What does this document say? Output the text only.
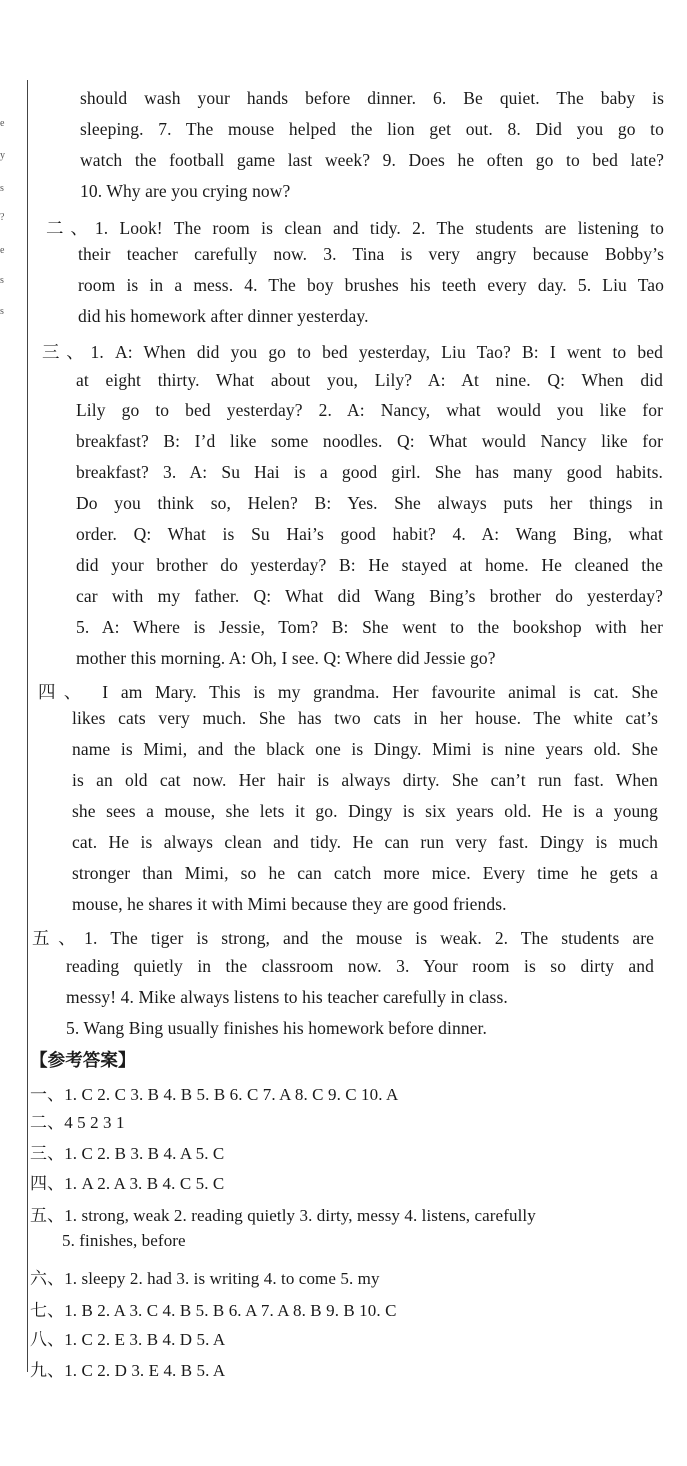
e
y
s
?
e
s
s
should wash your hands before dinner. 6. Be quiet. The baby is
sleeping. 7. The mouse helped the lion get out. 8. Did you go to
watch the football game last week? 9. Does he often go to bed late?
10. Why are you crying now?
二、1. Look! The room is clean and tidy. 2. The students are listening to
their teacher carefully now. 3. Tina is very angry because Bobby’s
room is in a mess. 4. The boy brushes his teeth every day. 5. Liu Tao
did his homework after dinner yesterday.
三、1. A: When did you go to bed yesterday, Liu Tao? B: I went to bed
at eight thirty. What about you, Lily? A: At nine. Q: When did
Lily go to bed yesterday? 2. A: Nancy, what would you like for
breakfast? B: I’d like some noodles. Q: What would Nancy like for
breakfast? 3. A: Su Hai is a good girl. She has many good habits.
Do you think so, Helen? B: Yes. She always puts her things in
order. Q: What is Su Hai’s good habit? 4. A: Wang Bing, what
did your brother do yesterday? B: He stayed at home. He cleaned the
car with my father. Q: What did Wang Bing’s brother do yesterday?
5. A: Where is Jessie, Tom? B: She went to the bookshop with her
mother this morning. A: Oh, I see. Q: Where did Jessie go?
四、 I am Mary. This is my grandma. Her favourite animal is cat. She
likes cats very much. She has two cats in her house. The white cat’s
name is Mimi, and the black one is Dingy. Mimi is nine years old. She
is an old cat now. Her hair is always dirty. She can’t run fast. When
she sees a mouse, she lets it go. Dingy is six years old. He is a young
cat. He is always clean and tidy. He can run very fast. Dingy is much
stronger than Mimi, so he can catch more mice. Every time he gets a
mouse, he shares it with Mimi because they are good friends.
五、1. The tiger is strong, and the mouse is weak. 2. The students are
reading quietly in the classroom now. 3. Your room is so dirty and
messy! 4. Mike always listens to his teacher carefully in class.
5. Wang Bing usually finishes his homework before dinner.
【参考答案】
一、1. C 2. C 3. B 4. B 5. B 6. C 7. A 8. C 9. C 10. A
二、4 5 2 3 1
三、1. C 2. B 3. B 4. A 5. C
四、1. A 2. A 3. B 4. C 5. C
五、1. strong, weak 2. reading quietly 3. dirty, messy 4. listens, carefully
5. finishes, before
六、1. sleepy 2. had 3. is writing 4. to come 5. my
七、1. B 2. A 3. C 4. B 5. B 6. A 7. A 8. B 9. B 10. C
八、1. C 2. E 3. B 4. D 5. A
九、1. C 2. D 3. E 4. B 5. A
